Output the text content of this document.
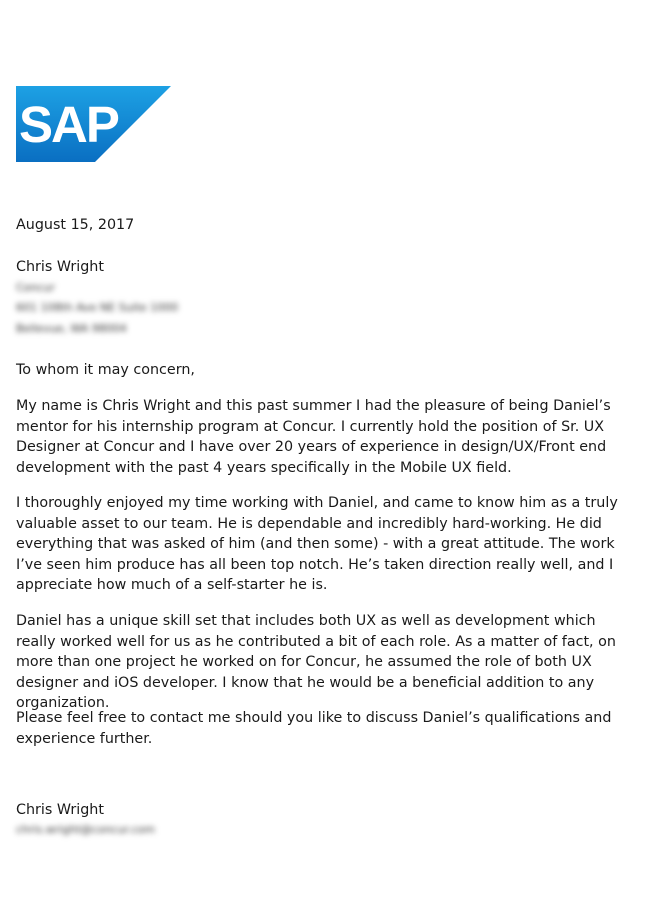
SAP
®
August 15, 2017
Chris Wright
Concur
601 108th Ave NE Suite 1000
Bellevue, WA 98004
To whom it may concern,

My name is Chris Wright and this past summer I had the pleasure of being Daniel’s mentor for his internship program at Concur. I currently hold the position of Sr. UX Designer at Concur and I have over 20 years of experience in design/UX/Front end development with the past 4 years specifically in the Mobile UX field.

I thoroughly enjoyed my time working with Daniel, and came to know him as a truly valuable asset to our team. He is dependable and incredibly hard-working. He did everything that was asked of him (and then some) - with a great attitude. The work I’ve seen him produce has all been top notch. He’s taken direction really well, and I appreciate how much of a self-starter he is.

Daniel has a unique skill set that includes both UX as well as development which really worked well for us as he contributed a bit of each role. As a matter of fact, on more than one project he worked on for Concur, he assumed the role of both UX designer and iOS developer. I know that he would be a beneficial addition to any organization.

Please feel free to contact me should you like to discuss Daniel’s qualifications and experience further.

Chris Wright
chris.wright@concur.com
